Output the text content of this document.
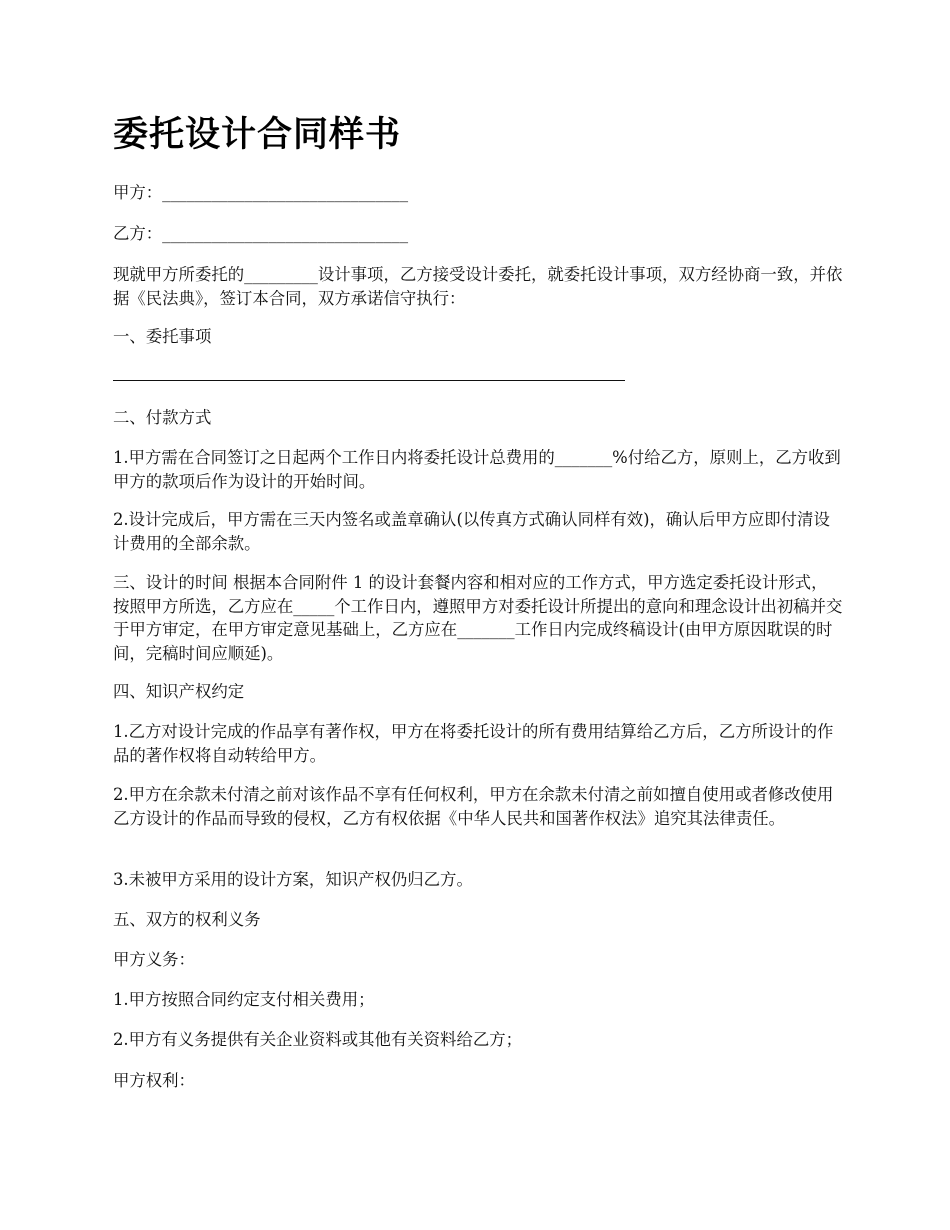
委托设计合同样书

甲方：______________________________

乙方：______________________________

现就甲方所委托的_________设计事项，乙方接受设计委托，就委托设计事项，双方经协商一致，并依据《民法典》，签订本合同，双方承诺信守执行：

一、委托事项

二、付款方式

1.甲方需在合同签订之日起两个工作日内将委托设计总费用的_______%付给乙方，原则上，乙方收到甲方的款项后作为设计的开始时间。

2.设计完成后，甲方需在三天内签名或盖章确认(以传真方式确认同样有效)，确认后甲方应即付清设计费用的全部余款。

三、设计的时间 根据本合同附件 1 的设计套餐内容和相对应的工作方式，甲方选定委托设计形式，按照甲方所选，乙方应在_____个工作日内，遵照甲方对委托设计所提出的意向和理念设计出初稿并交于甲方审定，在甲方审定意见基础上，乙方应在_______工作日内完成终稿设计(由甲方原因耽误的时间，完稿时间应顺延)。

四、知识产权约定

1.乙方对设计完成的作品享有著作权，甲方在将委托设计的所有费用结算给乙方后，乙方所设计的作品的著作权将自动转给甲方。

2.甲方在余款未付清之前对该作品不享有任何权利，甲方在余款未付清之前如擅自使用或者修改使用乙方设计的作品而导致的侵权，乙方有权依据《中华人民共和国著作权法》追究其法律责任。

3.未被甲方采用的设计方案，知识产权仍归乙方。

五、双方的权利义务

甲方义务：

1.甲方按照合同约定支付相关费用；

2.甲方有义务提供有关企业资料或其他有关资料给乙方；

甲方权利：
